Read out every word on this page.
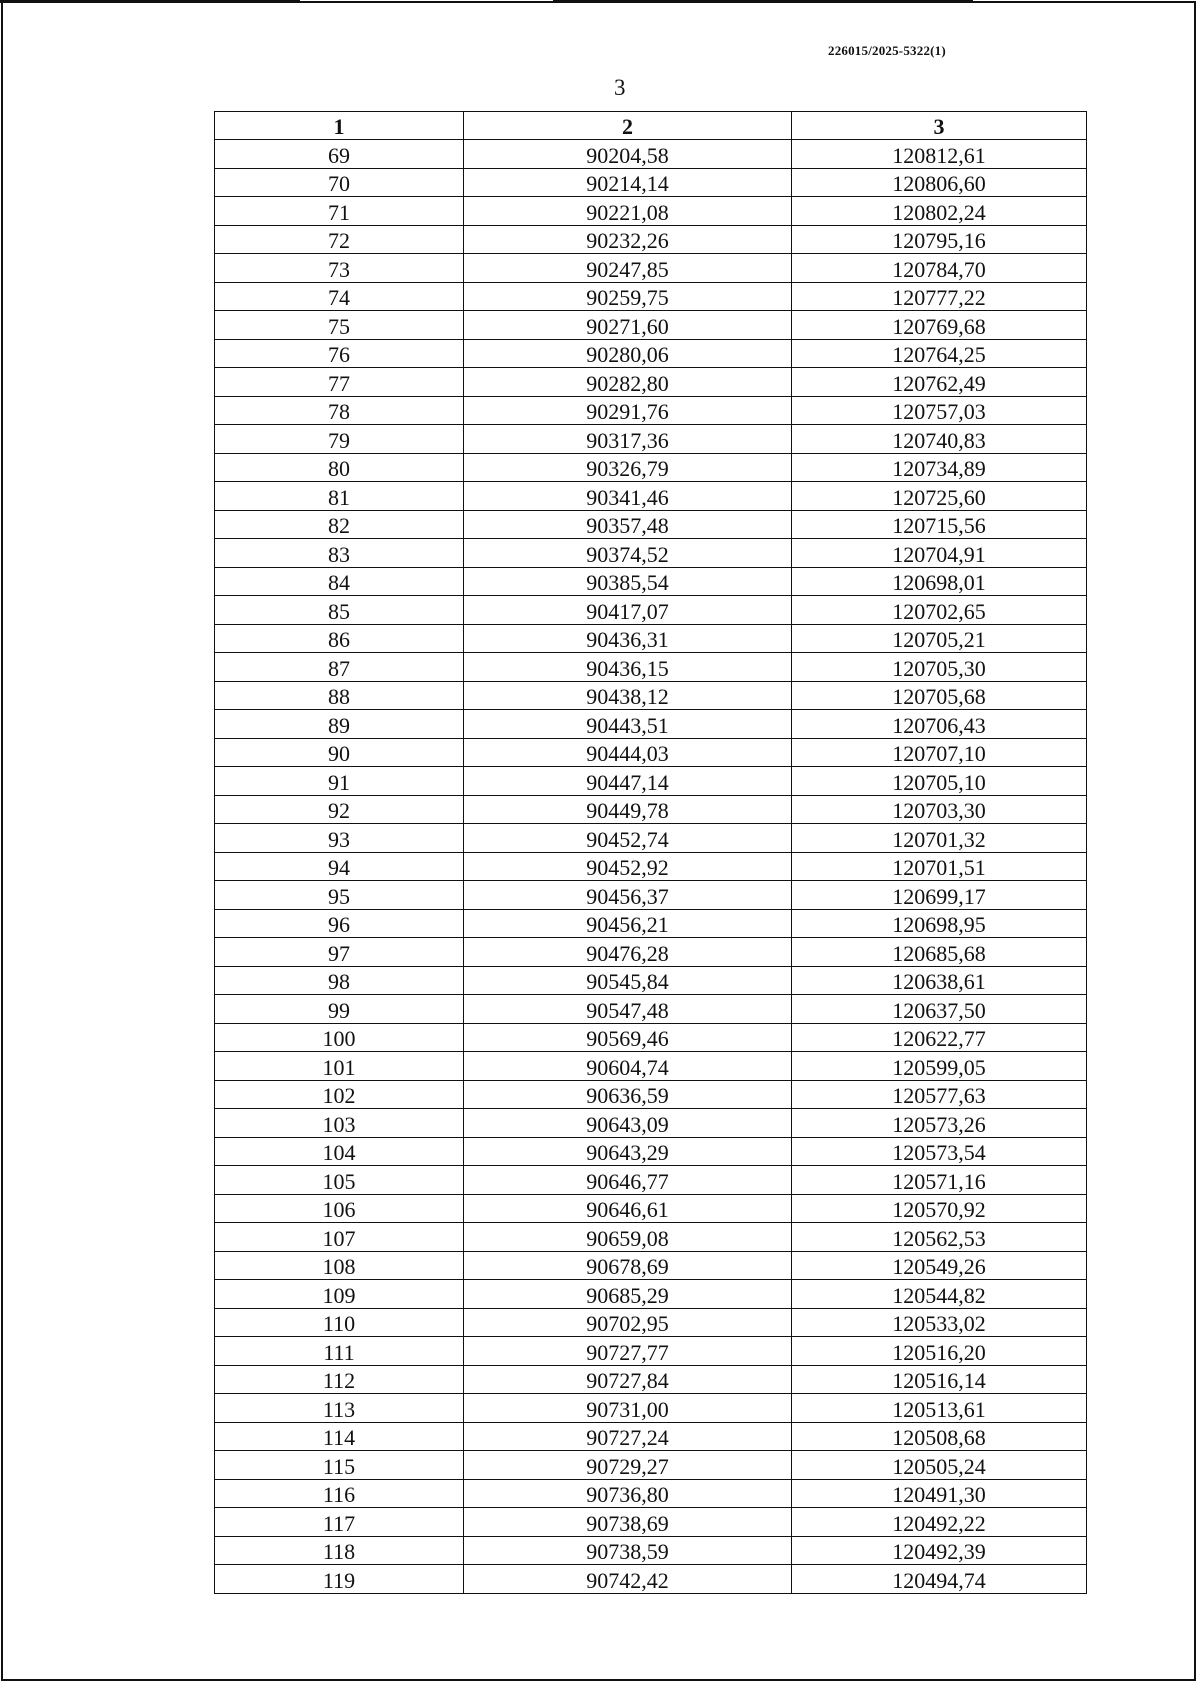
226015/2025-5322(1)
3
1	2	3
69	90204,58	120812,61
70	90214,14	120806,60
71	90221,08	120802,24
72	90232,26	120795,16
73	90247,85	120784,70
74	90259,75	120777,22
75	90271,60	120769,68
76	90280,06	120764,25
77	90282,80	120762,49
78	90291,76	120757,03
79	90317,36	120740,83
80	90326,79	120734,89
81	90341,46	120725,60
82	90357,48	120715,56
83	90374,52	120704,91
84	90385,54	120698,01
85	90417,07	120702,65
86	90436,31	120705,21
87	90436,15	120705,30
88	90438,12	120705,68
89	90443,51	120706,43
90	90444,03	120707,10
91	90447,14	120705,10
92	90449,78	120703,30
93	90452,74	120701,32
94	90452,92	120701,51
95	90456,37	120699,17
96	90456,21	120698,95
97	90476,28	120685,68
98	90545,84	120638,61
99	90547,48	120637,50
100	90569,46	120622,77
101	90604,74	120599,05
102	90636,59	120577,63
103	90643,09	120573,26
104	90643,29	120573,54
105	90646,77	120571,16
106	90646,61	120570,92
107	90659,08	120562,53
108	90678,69	120549,26
109	90685,29	120544,82
110	90702,95	120533,02
111	90727,77	120516,20
112	90727,84	120516,14
113	90731,00	120513,61
114	90727,24	120508,68
115	90729,27	120505,24
116	90736,80	120491,30
117	90738,69	120492,22
118	90738,59	120492,39
119	90742,42	120494,74
